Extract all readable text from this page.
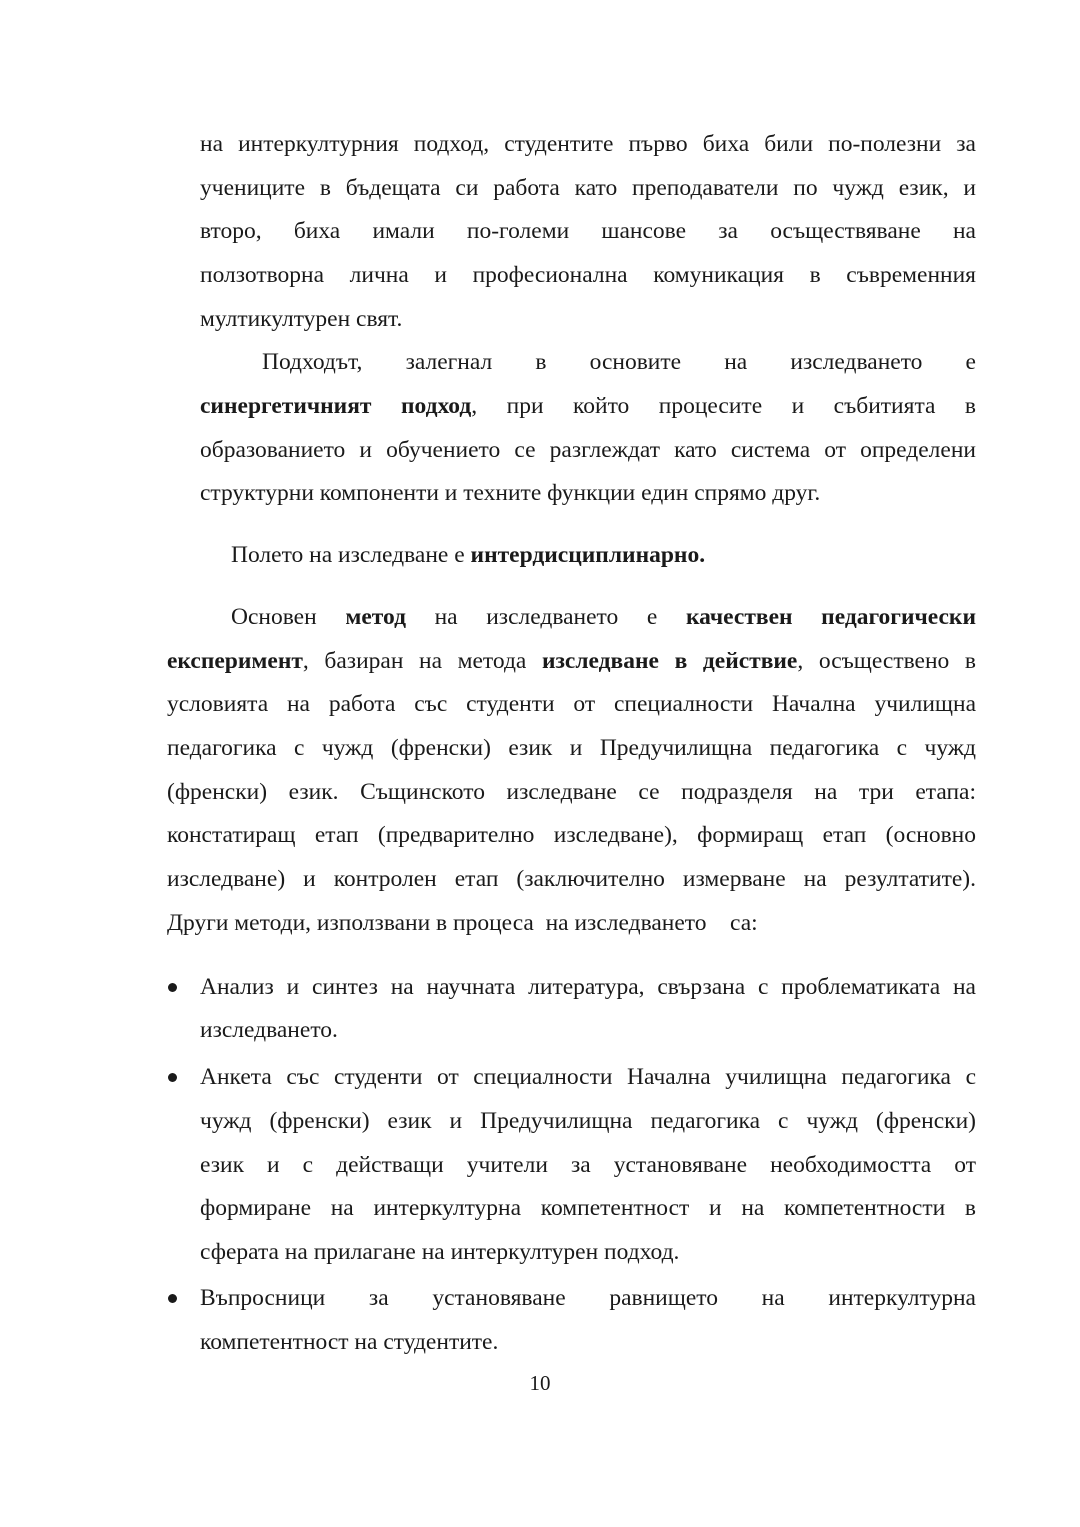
на интеркултурния подход, студентите първо биха били по-полезни за
учениците в бъдещата си работа като преподаватели по чужд език, и
второ, биха имали по-големи шансове за осъществяване на
ползотворна лична и професионална комуникация в съвременния
мултикултурен свят.
Подходът, залегнал в основите на изследването е
синергетичният подход, при който процесите и събитията в
образованието и обучението се разглеждат като система от определени
структурни компоненти и техните функции един спрямо друг.
Полето на изследване е интердисциплинарно.
Основен метод на изследването е качествен педагогически
експеримент, базиран на метода изследване в действие, осъществено в
условията на работа със студенти от специалности Начална училищна
педагогика с чужд (френски) език и Предучилищна педагогика с чужд
(френски) език. Същинското изследване се подразделя на три етапа:
констатиращ етап (предварително изследване), формиращ етап (основно
изследване) и контролен етап (заключително измерване на резултатите).
Други методи, използвани в процеса  на изследването    са:
Анализ и синтез на научната литература, свързана с проблематиката на
изследването.
Анкета със студенти от специалности Начална училищна педагогика с
чужд (френски) език и Предучилищна педагогика с чужд (френски)
език и с действащи учители за установяване необходимостта от
формиране на интеркултурна компетентност и на компетентности в
сферата на прилагане на интеркултурен подход.
Въпросници за установяване равнището на интеркултурна
компетентност на студентите.
10
